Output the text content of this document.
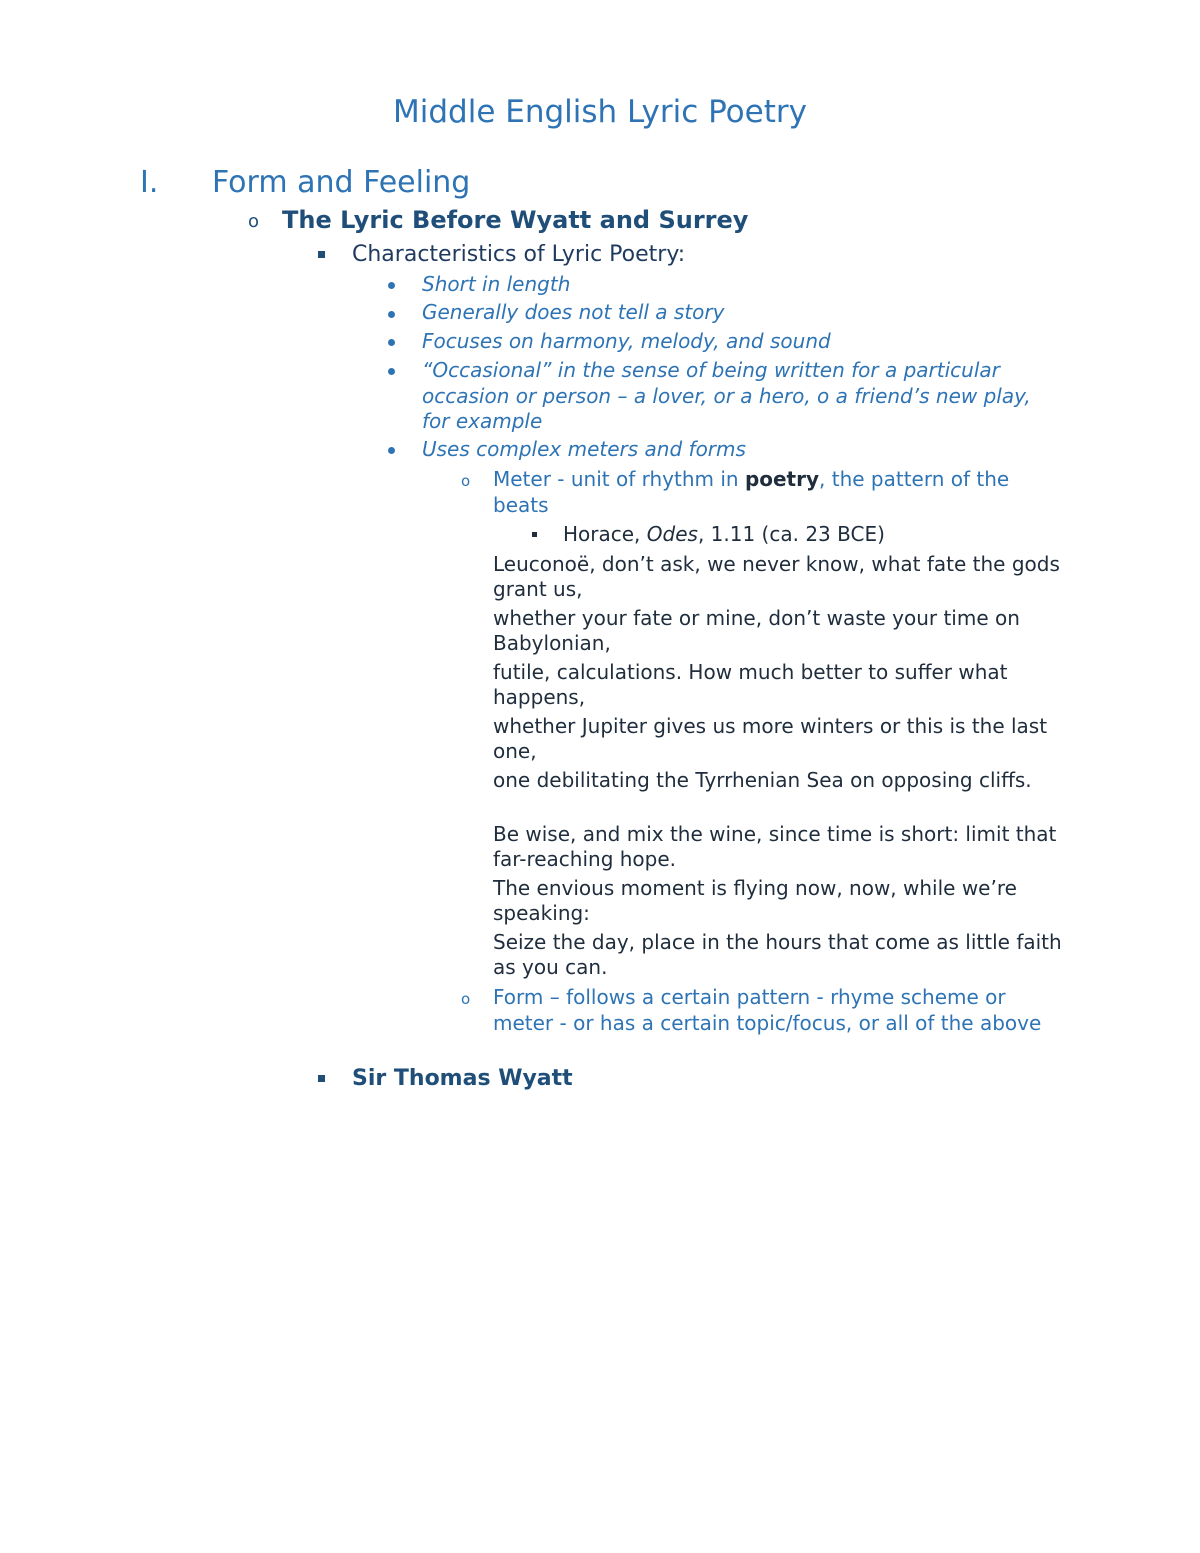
Middle English Lyric Poetry
I. Form and Feeling
o The Lyric Before Wyatt and Surrey
Characteristics of Lyric Poetry:
Short in length
Generally does not tell a story
Focuses on harmony, melody, and sound
“Occasional” in the sense of being written for a particular occasion or person – a lover, or a hero, o a friend’s new play, for example
Uses complex meters and forms
o Meter - unit of rhythm in poetry, the pattern of the beats
Horace, Odes, 1.11 (ca. 23 BCE)
Leuconoë, don’t ask, we never know, what fate the gods grant us,
whether your fate or mine, don’t waste your time on Babylonian,
futile, calculations. How much better to suffer what happens,
whether Jupiter gives us more winters or this is the last one,
one debilitating the Tyrrhenian Sea on opposing cliffs.
Be wise, and mix the wine, since time is short: limit that far-reaching hope.
The envious moment is flying now, now, while we’re speaking:
Seize the day, place in the hours that come as little faith as you can.
o Form – follows a certain pattern - rhyme scheme or meter - or has a certain topic/focus, or all of the above
Sir Thomas Wyatt
